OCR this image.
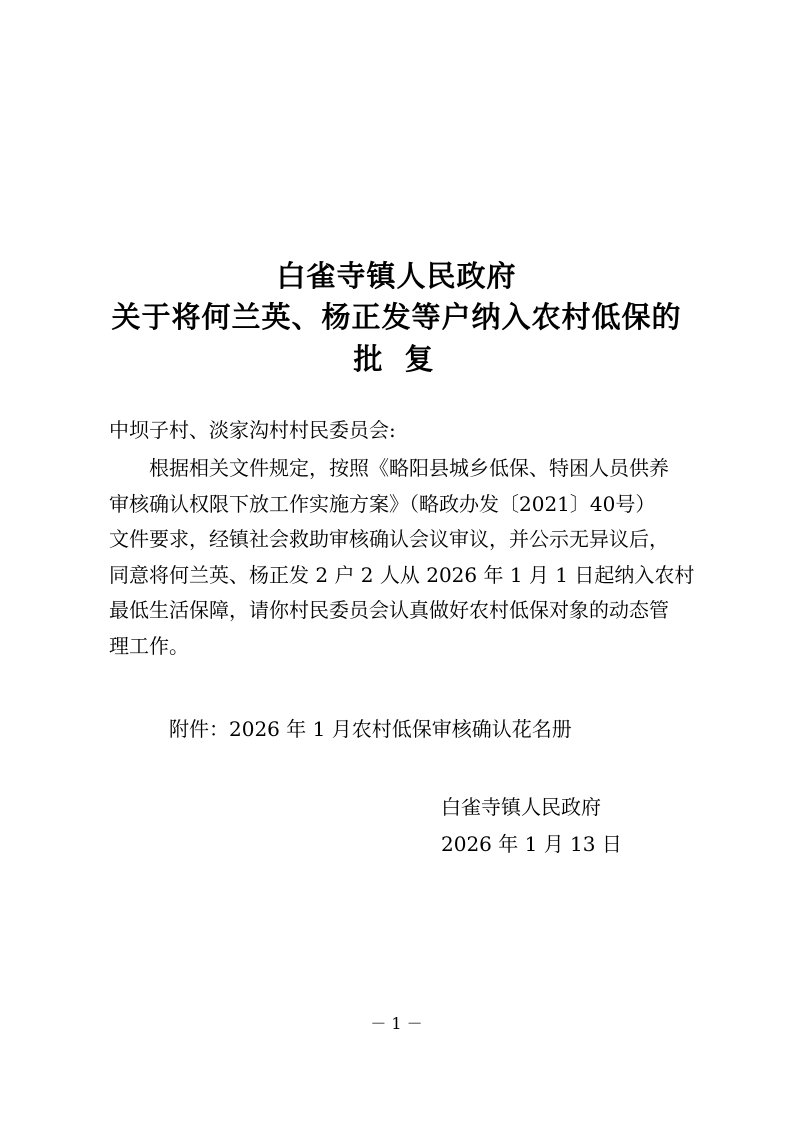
白雀寺镇人民政府
关于将何兰英、杨正发等户纳入农村低保的
批 复
中坝子村、淡家沟村村民委员会:
根据相关文件规定，按照《略阳县城乡低保、特困人员供养
审核确认权限下放工作实施方案》（略政办发〔2021〕40号）
文件要求，经镇社会救助审核确认会议审议，并公示无异议后，
同意将何兰英、杨正发 2 户 2 人从 2026 年 1 月 1 日起纳入农村
最低生活保障，请你村民委员会认真做好农村低保对象的动态管
理工作。
附件：2026 年 1 月农村低保审核确认花名册
白雀寺镇人民政府
2026 年 1 月 13 日
－ 1 －
